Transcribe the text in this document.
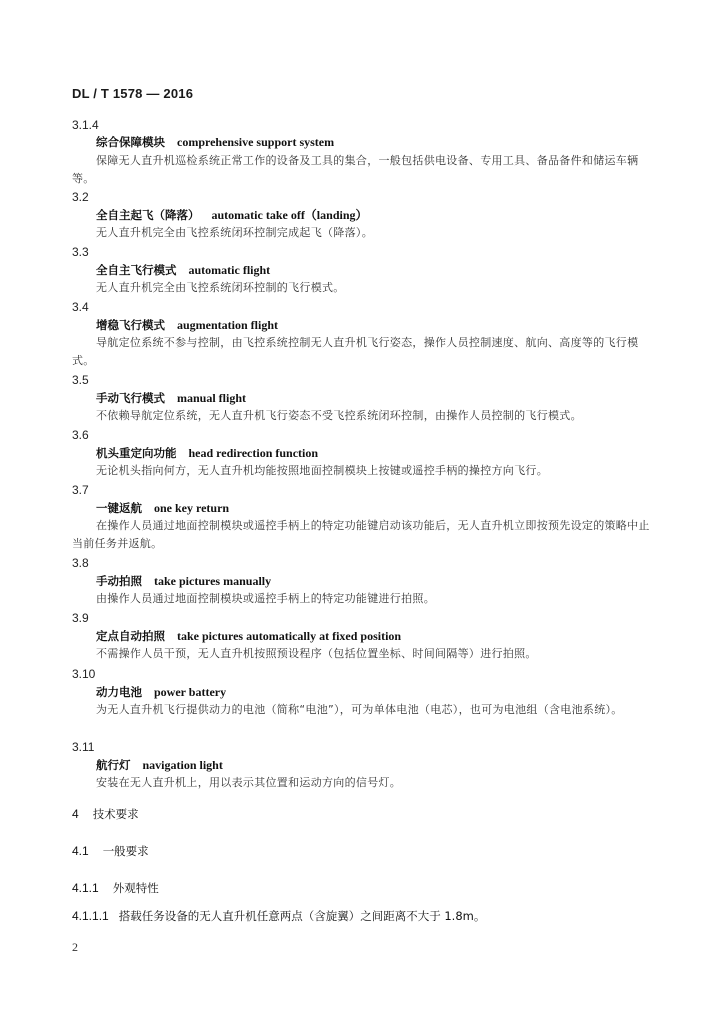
DL / T 1578 — 2016
3.1.4
综合保障模块 comprehensive support system
保障无人直升机巡检系统正常工作的设备及工具的集合，一般包括供电设备、专用工具、备品备件和储运车辆等。
3.2
全自主起飞（降落） automatic take off（landing）
无人直升机完全由飞控系统闭环控制完成起飞（降落）。
3.3
全自主飞行模式 automatic flight
无人直升机完全由飞控系统闭环控制的飞行模式。
3.4
增稳飞行模式 augmentation flight
导航定位系统不参与控制，由飞控系统控制无人直升机飞行姿态，操作人员控制速度、航向、高度等的飞行模式。
3.5
手动飞行模式 manual flight
不依赖导航定位系统，无人直升机飞行姿态不受飞控系统闭环控制，由操作人员控制的飞行模式。
3.6
机头重定向功能 head redirection function
无论机头指向何方，无人直升机均能按照地面控制模块上按键或遥控手柄的操控方向飞行。
3.7
一键返航 one key return
在操作人员通过地面控制模块或遥控手柄上的特定功能键启动该功能后，无人直升机立即按预先设定的策略中止当前任务并返航。
3.8
手动拍照 take pictures manually
由操作人员通过地面控制模块或遥控手柄上的特定功能键进行拍照。
3.9
定点自动拍照 take pictures automatically at fixed position
不需操作人员干预，无人直升机按照预设程序（包括位置坐标、时间间隔等）进行拍照。
3.10
动力电池 power battery
为无人直升机飞行提供动力的电池（简称“电池”），可为单体电池（电芯），也可为电池组（含电池系统）。
3.11
航行灯 navigation light
安装在无人直升机上，用以表示其位置和运动方向的信号灯。
4 技术要求
4.1 一般要求
4.1.1 外观特性
4.1.1.1 搭载任务设备的无人直升机任意两点（含旋翼）之间距离不大于 1.8m。
2
